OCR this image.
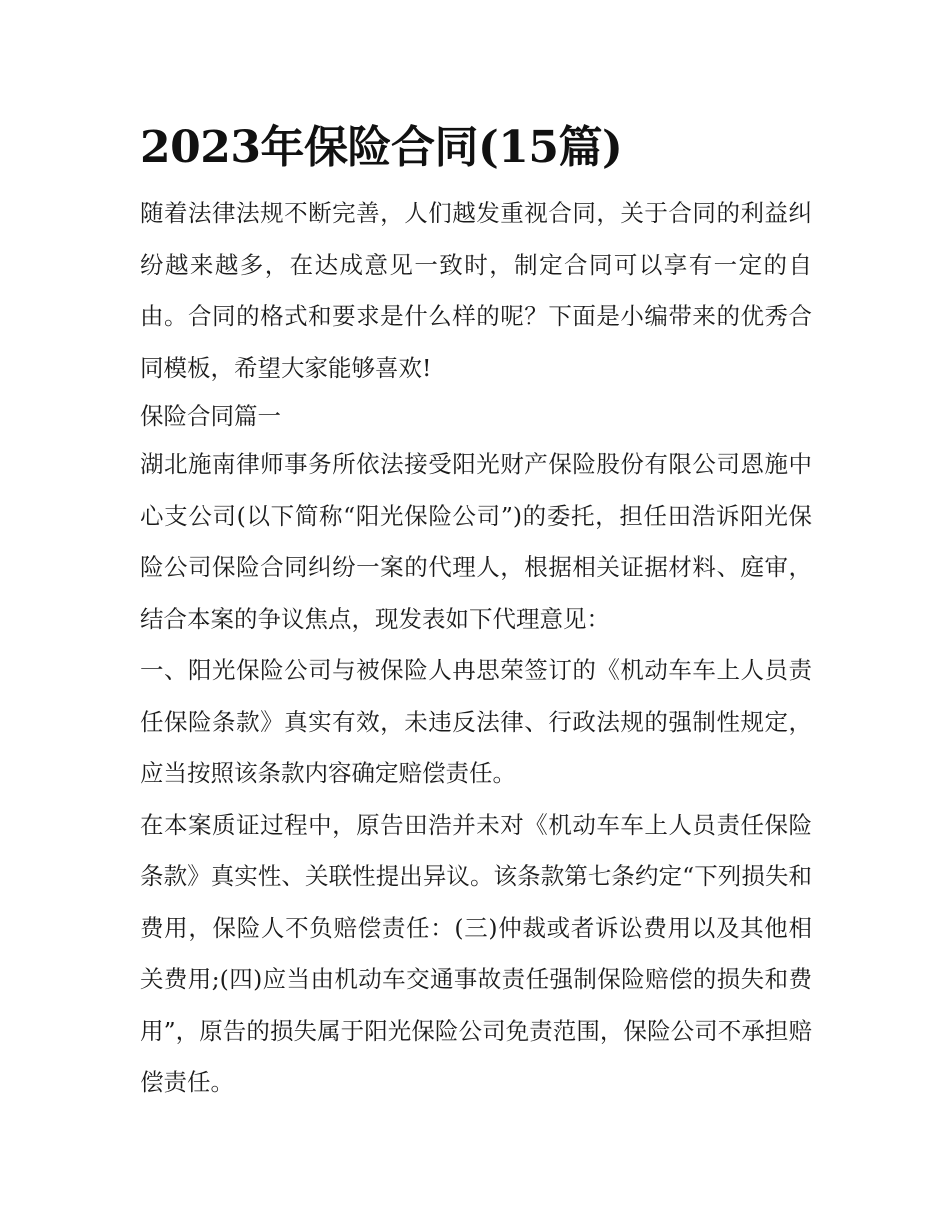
2023年保险合同(15篇)

随着法律法规不断完善，人们越发重视合同，关于合同的利益纠纷越来越多，在达成意见一致时，制定合同可以享有一定的自由。合同的格式和要求是什么样的呢？下面是小编带来的优秀合同模板，希望大家能够喜欢!

保险合同篇一

湖北施南律师事务所依法接受阳光财产保险股份有限公司恩施中心支公司(以下简称“阳光保险公司”)的委托，担任田浩诉阳光保险公司保险合同纠纷一案的代理人，根据相关证据材料、庭审，结合本案的争议焦点，现发表如下代理意见：

一、阳光保险公司与被保险人冉思荣签订的《机动车车上人员责任保险条款》真实有效，未违反法律、行政法规的强制性规定，应当按照该条款内容确定赔偿责任。

在本案质证过程中，原告田浩并未对《机动车车上人员责任保险条款》真实性、关联性提出异议。该条款第七条约定“下列损失和费用，保险人不负赔偿责任：(三)仲裁或者诉讼费用以及其他相关费用;(四)应当由机动车交通事故责任强制保险赔偿的损失和费用”，原告的损失属于阳光保险公司免责范围，保险公司不承担赔偿责任。
